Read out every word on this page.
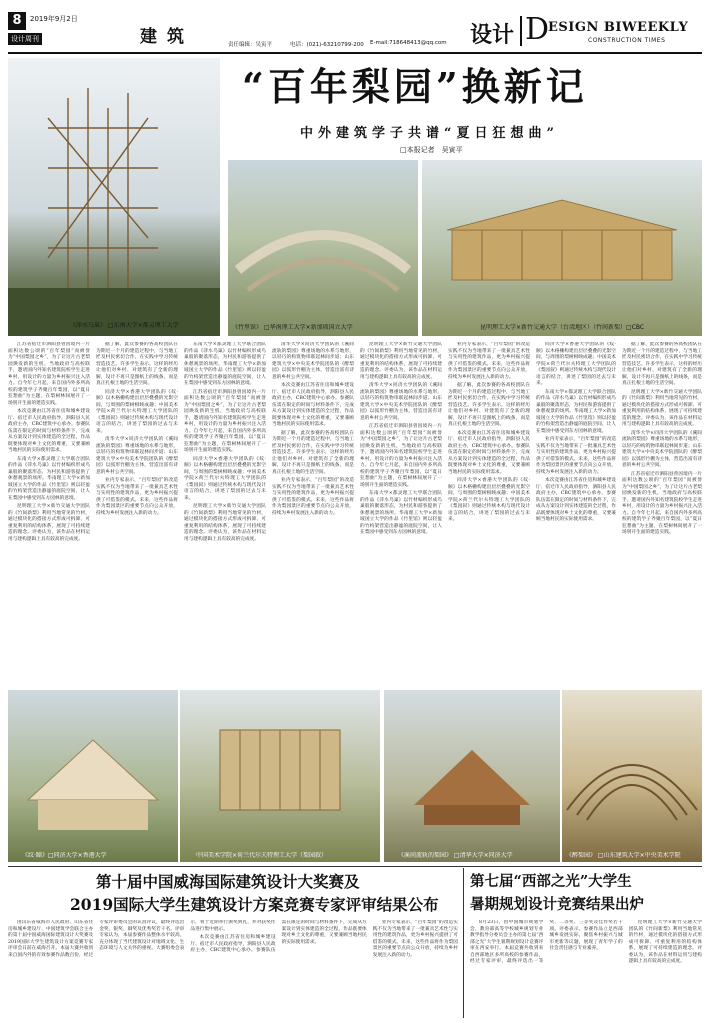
8	2019年9月2日
设计周刊	建筑	责任编辑：吴寅平	电话：(021)-63210799-200 E-mail:718648413@qq.com 设计 D
ESIGN BIWEEKLY
CONSTRUCTION TIMES
《萍水乌巢》 □东南大学×都灵理工大学
“百年梨园”换新记
中外建筑学子共谱“夏日狂想曲”
□本报记者　吴寅平
《竹里馆》 □华南理工大学×新加坡国立大学	昆明理工大学×新竹交通大学（台湾地区）（竹间新梨）□CBC

江苏省宿迁市泗阳县曾因境内一片面积达数公顷的“百年梨园”而被誉为“中国梨园之乡”，为了让这片古老梨园焕发新的生机，当地政府与高校联手，邀请国内外知名建筑院校学生走进乡村，用设计的力量为乡村振兴注入活力。自今年七月起，来自国内外多所高校的建筑学子齐聚百年梨园，以“夏日狂想曲”为主题，在梨树林间展开了一场别开生面的建造实践。

本次竞赛由江苏省住房和城乡建设厅、宿迁市人民政府指导，泗阳县人民政府主办，CBC建筑中心承办。参赛队伍需在限定的时间与材料条件下，完成从方案设计到实体建造的全过程，作品既要体现对乡土文化的尊重，又要兼顾当地村民的实际使用需求。

东南大学×都灵理工大学联合团队的作品《萍水乌巢》以竹材编织形成鸟巢般的聚落形态，为村民和游客提供了休憩观景的场所。华南理工大学×新加坡国立大学的作品《竹里馆》则以轻盈的竹构架营造出静谧的庭院空间，让人在梨园中感受到东方园林的意境。

昆明理工大学×新竹交通大学团队的《竹间新梨》利用当地常见的竹材，通过模块化的搭接方式形成可拆卸、可重复利用的结构体系，展现了可持续建造的理念。评委认为，该作品在材料运用与建构逻辑上具有较高的完成度。

据了解，此次参赛的各高校团队在为期近一个月的建造过程中，与当地工匠及村民密切合作，在实践中学习传统营造技艺。许多学生表示，这样的经历让他们对乡村、对建筑有了全新的理解，设计不再只是图纸上的线条，而是真正扎根土地的生活空间。

同济大学×香港大学团队的《纹·颐》以木格栅构建出层层叠叠的光影空间，与周围的梨树相映成趣；中国美术学院×荷兰代尔夫特理工大学团队的《梨园叙》则通过传统木构与现代设计语言的结合，讲述了梨园的过去与未来。

清华大学×同济大学团队的《溪间流轨的梨园》尊重场地的水系与地形，以轻巧的构筑物串联起林间步道；山东建筑大学×中央美术学院团队的《醉梨园》以弧形竹棚为主体，营造出富有诗意的乡村公共空间。

业内专家表示，“百年梨园”的改造实践不仅为当地带来了一批兼具艺术性与实用性的建筑作品，更为乡村振兴提供了可借鉴的模式。未来，这些作品将作为梨园景区的重要节点向公众开放，持续为乡村发展注入新的动力。

东南大学×都灵理工大学联合团队的作品《萍水乌巢》以竹材编织形成鸟巢般的聚落形态，为村民和游客提供了休憩观景的场所。华南理工大学×新加坡国立大学的作品《竹里馆》则以轻盈的竹构架营造出静谧的庭院空间，让人在梨园中感受到东方园林的意境。

江苏省宿迁市泗阳县曾因境内一片面积达数公顷的“百年梨园”而被誉为“中国梨园之乡”，为了让这片古老梨园焕发新的生机，当地政府与高校联手，邀请国内外知名建筑院校学生走进乡村，用设计的力量为乡村振兴注入活力。自今年七月起，来自国内外多所高校的建筑学子齐聚百年梨园，以“夏日狂想曲”为主题，在梨树林间展开了一场别开生面的建造实践。

同济大学×香港大学团队的《纹·颐》以木格栅构建出层层叠叠的光影空间，与周围的梨树相映成趣；中国美术学院×荷兰代尔夫特理工大学团队的《梨园叙》则通过传统木构与现代设计语言的结合，讲述了梨园的过去与未来。

昆明理工大学×新竹交通大学团队的《竹间新梨》利用当地常见的竹材，通过模块化的搭接方式形成可拆卸、可重复利用的结构体系，展现了可持续建造的理念。评委认为，该作品在材料运用与建构逻辑上具有较高的完成度。

清华大学×同济大学团队的《溪间流轨的梨园》尊重场地的水系与地形，以轻巧的构筑物串联起林间步道；山东建筑大学×中央美术学院团队的《醉梨园》以弧形竹棚为主体，营造出富有诗意的乡村公共空间。

本次竞赛由江苏省住房和城乡建设厅、宿迁市人民政府指导，泗阳县人民政府主办，CBC建筑中心承办。参赛队伍需在限定的时间与材料条件下，完成从方案设计到实体建造的全过程，作品既要体现对乡土文化的尊重，又要兼顾当地村民的实际使用需求。

据了解，此次参赛的各高校团队在为期近一个月的建造过程中，与当地工匠及村民密切合作，在实践中学习传统营造技艺。许多学生表示，这样的经历让他们对乡村、对建筑有了全新的理解，设计不再只是图纸上的线条，而是真正扎根土地的生活空间。

业内专家表示，“百年梨园”的改造实践不仅为当地带来了一批兼具艺术性与实用性的建筑作品，更为乡村振兴提供了可借鉴的模式。未来，这些作品将作为梨园景区的重要节点向公众开放，持续为乡村发展注入新的动力。

昆明理工大学×新竹交通大学团队的《竹间新梨》利用当地常见的竹材，通过模块化的搭接方式形成可拆卸、可重复利用的结构体系，展现了可持续建造的理念。评委认为，该作品在材料运用与建构逻辑上具有较高的完成度。

清华大学×同济大学团队的《溪间流轨的梨园》尊重场地的水系与地形，以轻巧的构筑物串联起林间步道；山东建筑大学×中央美术学院团队的《醉梨园》以弧形竹棚为主体，营造出富有诗意的乡村公共空间。

江苏省宿迁市泗阳县曾因境内一片面积达数公顷的“百年梨园”而被誉为“中国梨园之乡”，为了让这片古老梨园焕发新的生机，当地政府与高校联手，邀请国内外知名建筑院校学生走进乡村，用设计的力量为乡村振兴注入活力。自今年七月起，来自国内外多所高校的建筑学子齐聚百年梨园，以“夏日狂想曲”为主题，在梨树林间展开了一场别开生面的建造实践。

东南大学×都灵理工大学联合团队的作品《萍水乌巢》以竹材编织形成鸟巢般的聚落形态，为村民和游客提供了休憩观景的场所。华南理工大学×新加坡国立大学的作品《竹里馆》则以轻盈的竹构架营造出静谧的庭院空间，让人在梨园中感受到东方园林的意境。

业内专家表示，“百年梨园”的改造实践不仅为当地带来了一批兼具艺术性与实用性的建筑作品，更为乡村振兴提供了可借鉴的模式。未来，这些作品将作为梨园景区的重要节点向公众开放，持续为乡村发展注入新的动力。

据了解，此次参赛的各高校团队在为期近一个月的建造过程中，与当地工匠及村民密切合作，在实践中学习传统营造技艺。许多学生表示，这样的经历让他们对乡村、对建筑有了全新的理解，设计不再只是图纸上的线条，而是真正扎根土地的生活空间。

本次竞赛由江苏省住房和城乡建设厅、宿迁市人民政府指导，泗阳县人民政府主办，CBC建筑中心承办。参赛队伍需在限定的时间与材料条件下，完成从方案设计到实体建造的全过程，作品既要体现对乡土文化的尊重，又要兼顾当地村民的实际使用需求。

同济大学×香港大学团队的《纹·颐》以木格栅构建出层层叠叠的光影空间，与周围的梨树相映成趣；中国美术学院×荷兰代尔夫特理工大学团队的《梨园叙》则通过传统木构与现代设计语言的结合，讲述了梨园的过去与未来。

同济大学×香港大学团队的《纹·颐》以木格栅构建出层层叠叠的光影空间，与周围的梨树相映成趣；中国美术学院×荷兰代尔夫特理工大学团队的《梨园叙》则通过传统木构与现代设计语言的结合，讲述了梨园的过去与未来。

东南大学×都灵理工大学联合团队的作品《萍水乌巢》以竹材编织形成鸟巢般的聚落形态，为村民和游客提供了休憩观景的场所。华南理工大学×新加坡国立大学的作品《竹里馆》则以轻盈的竹构架营造出静谧的庭院空间，让人在梨园中感受到东方园林的意境。

业内专家表示，“百年梨园”的改造实践不仅为当地带来了一批兼具艺术性与实用性的建筑作品，更为乡村振兴提供了可借鉴的模式。未来，这些作品将作为梨园景区的重要节点向公众开放，持续为乡村发展注入新的动力。

本次竞赛由江苏省住房和城乡建设厅、宿迁市人民政府指导，泗阳县人民政府主办，CBC建筑中心承办。参赛队伍需在限定的时间与材料条件下，完成从方案设计到实体建造的全过程，作品既要体现对乡土文化的尊重，又要兼顾当地村民的实际使用需求。

据了解，此次参赛的各高校团队在为期近一个月的建造过程中，与当地工匠及村民密切合作，在实践中学习传统营造技艺。许多学生表示，这样的经历让他们对乡村、对建筑有了全新的理解，设计不再只是图纸上的线条，而是真正扎根土地的生活空间。

昆明理工大学×新竹交通大学团队的《竹间新梨》利用当地常见的竹材，通过模块化的搭接方式形成可拆卸、可重复利用的结构体系，展现了可持续建造的理念。评委认为，该作品在材料运用与建构逻辑上具有较高的完成度。

清华大学×同济大学团队的《溪间流轨的梨园》尊重场地的水系与地形，以轻巧的构筑物串联起林间步道；山东建筑大学×中央美术学院团队的《醉梨园》以弧形竹棚为主体，营造出富有诗意的乡村公共空间。

江苏省宿迁市泗阳县曾因境内一片面积达数公顷的“百年梨园”而被誉为“中国梨园之乡”，为了让这片古老梨园焕发新的生机，当地政府与高校联手，邀请国内外知名建筑院校学生走进乡村，用设计的力量为乡村振兴注入活力。自今年七月起，来自国内外多所高校的建筑学子齐聚百年梨园，以“夏日狂想曲”为主题，在梨树林间展开了一场别开生面的建造实践。

《纹·颐》□同济大学×香港大学	中国美术学院×荷兰代尔夫特理工大学（梨园叙）	《溪间流轨的梨园》 □清华大学×同济大学	《醉梨园》 □山东建筑大学×中央美术学院
第十届中国威海国际建筑设计大奖赛及
2019国际大学生建筑设计方案竞赛专家评审结果公布

由山东省威海市人民政府、山东省住房和城乡建设厅、中国建筑学会联合主办的第十届中国威海国际建筑设计大奖赛及2019国际大学生建筑设计方案竞赛专家评审会日前在威海召开。本届大赛共收到来自国内外的有效参赛作品数百份，经过专家评审委员会的认真评议，最终评选出金奖、银奖、铜奖及优秀奖若干名。评审专家认为，本届参赛作品整体水平较高，充分体现了当代建筑设计对地域文化、生态环境与人文关怀的重视。大赛组委会表示，将于近期举行颁奖典礼，并对获奖作品进行集中展示。

本次竞赛由江苏省住房和城乡建设厅、宿迁市人民政府指导，泗阳县人民政府主办，CBC建筑中心承办。参赛队伍需在限定的时间与材料条件下，完成从方案设计到实体建造的全过程，作品既要体现对乡土文化的尊重，又要兼顾当地村民的实际使用需求。

业内专家表示，“百年梨园”的改造实践不仅为当地带来了一批兼具艺术性与实用性的建筑作品，更为乡村振兴提供了可借鉴的模式。未来，这些作品将作为梨园景区的重要节点向公众开放，持续为乡村发展注入新的动力。

第七届“西部之光”大学生
暑期规划设计竞赛结果出炉

8月23日，由中国城市规划学会、教育部高等学校城乡规划专业教学指导分委员会主办的第七届“西部之光”大学生暑期规划设计竞赛评审在西安举行。本届竞赛共收到来自西部地区多所高校的参赛作品，经过专家评审，最终评选出一等奖、二等奖、三等奖及佳作奖若干项。评委表示，参赛作品立足西部城乡发展实际，聚焦乡村振兴与城市更新等议题，展现了青年学子的社会责任感与专业素养。

昆明理工大学×新竹交通大学团队的《竹间新梨》利用当地常见的竹材，通过模块化的搭接方式形成可拆卸、可重复利用的结构体系，展现了可持续建造的理念。评委认为，该作品在材料运用与建构逻辑上具有较高的完成度。
